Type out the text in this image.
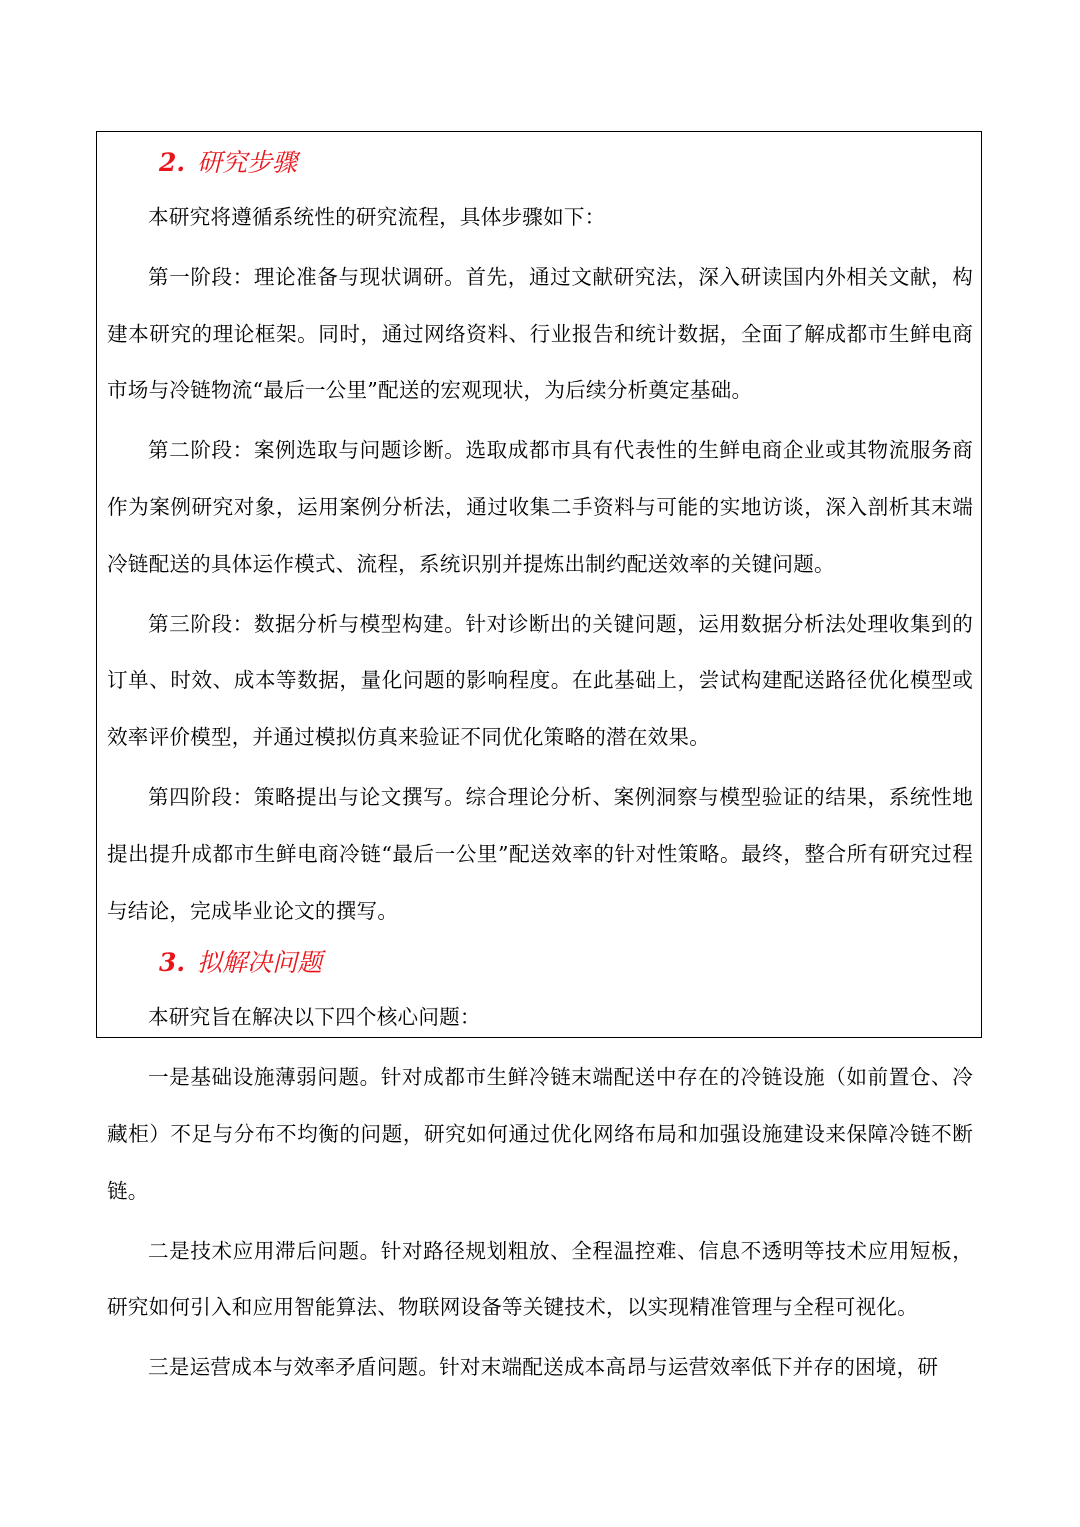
2. 研究步骤

本研究将遵循系统性的研究流程，具体步骤如下：

第一阶段：理论准备与现状调研。首先，通过文献研究法，深入研读国内外相关文献，构建本研究的理论框架。同时，通过网络资料、行业报告和统计数据，全面了解成都市生鲜电商市场与冷链物流“最后一公里”配送的宏观现状，为后续分析奠定基础。

第二阶段：案例选取与问题诊断。选取成都市具有代表性的生鲜电商企业或其物流服务商作为案例研究对象，运用案例分析法，通过收集二手资料与可能的实地访谈，深入剖析其末端冷链配送的具体运作模式、流程，系统识别并提炼出制约配送效率的关键问题。

第三阶段：数据分析与模型构建。针对诊断出的关键问题，运用数据分析法处理收集到的订单、时效、成本等数据，量化问题的影响程度。在此基础上，尝试构建配送路径优化模型或效率评价模型，并通过模拟仿真来验证不同优化策略的潜在效果。

第四阶段：策略提出与论文撰写。综合理论分析、案例洞察与模型验证的结果，系统性地提出提升成都市生鲜电商冷链“最后一公里”配送效率的针对性策略。最终，整合所有研究过程与结论，完成毕业论文的撰写。

3. 拟解决问题

本研究旨在解决以下四个核心问题：

一是基础设施薄弱问题。针对成都市生鲜冷链末端配送中存在的冷链设施（如前置仓、冷藏柜）不足与分布不均衡的问题，研究如何通过优化网络布局和加强设施建设来保障冷链不断链。

二是技术应用滞后问题。针对路径规划粗放、全程温控难、信息不透明等技术应用短板，研究如何引入和应用智能算法、物联网设备等关键技术，以实现精准管理与全程可视化。

三是运营成本与效率矛盾问题。针对末端配送成本高昂与运营效率低下并存的困境，研
